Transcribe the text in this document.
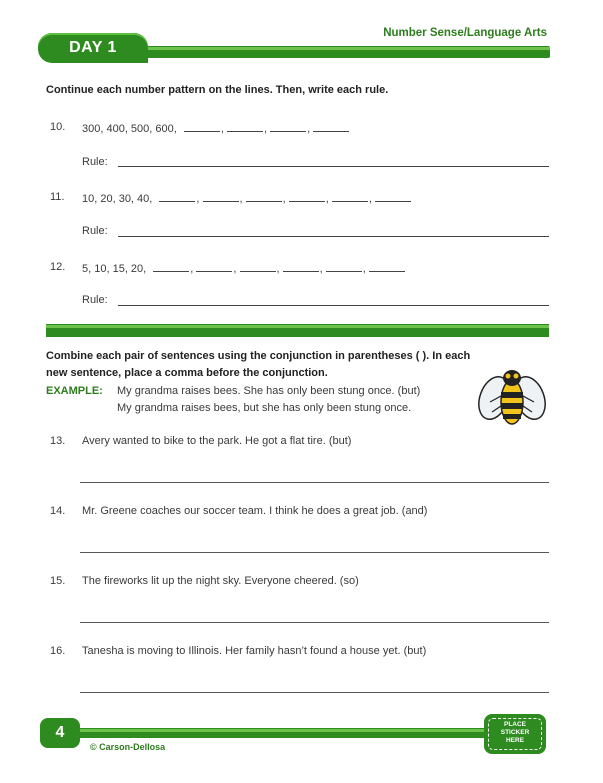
Number Sense/Language Arts
DAY 1
Continue each number pattern on the lines. Then, write each rule.
10. 300, 400, 500, 600,	,	,	,
Rule:
11. 10, 20, 30, 40,	,	,	,	,	,
Rule:
12. 5, 10, 15, 20,	,	,	,	,	,
Rule:
Combine each pair of sentences using the conjunction in parentheses ( ). In each
new sentence, place a comma before the conjunction.
EXAMPLE: My grandma raises bees. She has only been stung once. (but)
My grandma raises bees, but she has only been stung once.
13. Avery wanted to bike to the park. He got a flat tire. (but)
14. Mr. Greene coaches our soccer team. I think he does a great job. (and)
15. The fireworks lit up the night sky. Everyone cheered. (so)
16. Tanesha is moving to Illinois. Her family hasn’t found a house yet. (but)
4
© Carson-Dellosa
PLACE
STICKER
HERE
